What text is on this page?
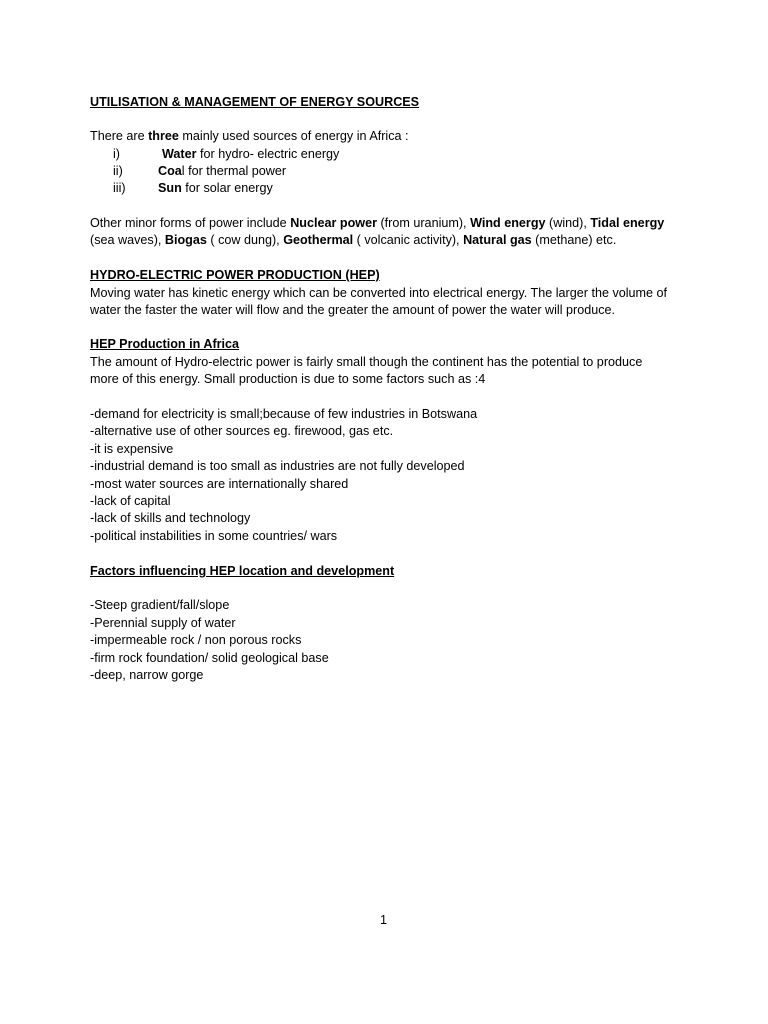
UTILISATION & MANAGEMENT OF ENERGY SOURCES
There are three mainly used sources of energy in Africa :
i)	Water for hydro- electric energy
ii)	Coal for thermal power
iii)	Sun for solar energy
Other minor forms of power include Nuclear power (from uranium), Wind energy (wind), Tidal energy
(sea waves), Biogas ( cow dung), Geothermal ( volcanic activity), Natural gas (methane) etc.
HYDRO-ELECTRIC POWER PRODUCTION (HEP)
Moving water has kinetic energy which can be converted into electrical energy. The larger the volume of
water the faster the water will flow and the greater the amount of power the water will produce.
HEP Production in Africa
The amount of Hydro-electric power is fairly small though the continent has the potential to produce
more of this energy. Small production is due to some factors such as :4
-demand for electricity is small;because of few industries in Botswana
-alternative use of other sources eg. firewood, gas etc.
-it is expensive
-industrial demand is too small as industries are not fully developed
-most water sources are internationally shared
-lack of capital
-lack of skills and technology
-political instabilities in some countries/ wars
Factors influencing HEP location and development
-Steep gradient/fall/slope
-Perennial supply of water
-impermeable rock / non porous rocks
-firm rock foundation/ solid geological base
-deep, narrow gorge
1
